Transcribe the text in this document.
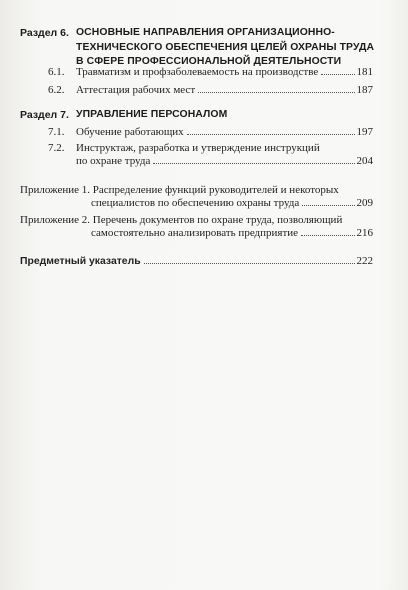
Раздел 6. ОСНОВНЫЕ НАПРАВЛЕНИЯ ОРГАНИЗАЦИОННО-
ТЕХНИЧЕСКОГО ОБЕСПЕЧЕНИЯ ЦЕЛЕЙ ОХРАНЫ ТРУДА
В СФЕРЕ ПРОФЕССИОНАЛЬНОЙ ДЕЯТЕЛЬНОСТИ
6.1. Травматизм и профзаболеваемость на производстве	181
6.2. Аттестация рабочих мест	187
Раздел 7. УПРАВЛЕНИЕ ПЕРСОНАЛОМ
7.1. Обучение работающих	197
7.2. Инструктаж, разработка и утверждение инструкций
по охране труда	204
Приложение 1. Распределение функций руководителей и некоторых
специалистов по обеспечению охраны труда	209
Приложение 2. Перечень документов по охране труда, позволяющий
самостоятельно анализировать предприятие	216
Предметный указатель	222
